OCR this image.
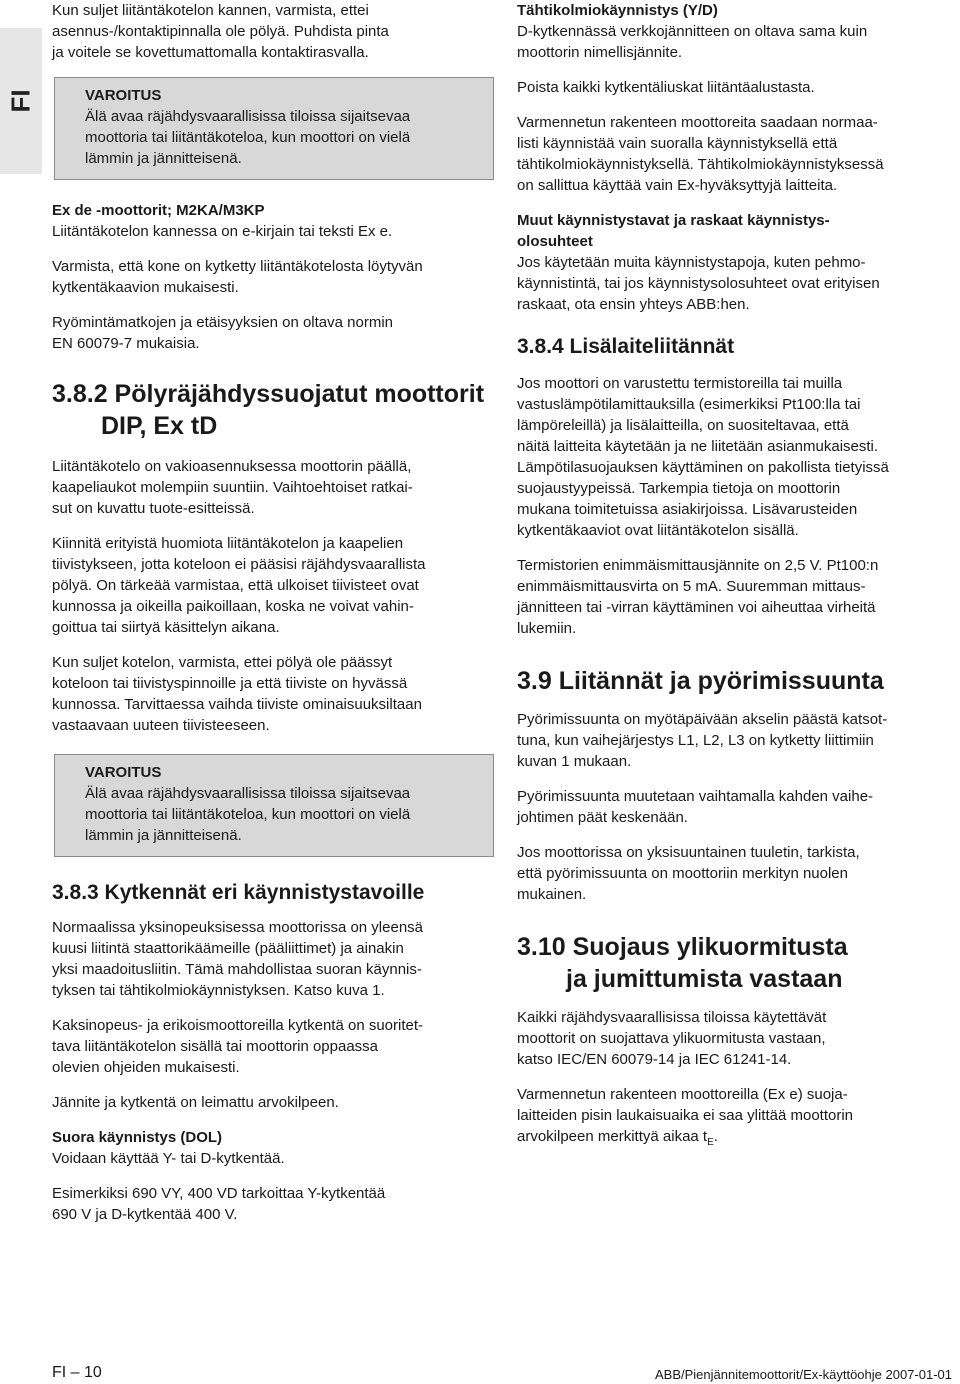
FI

Kun suljet liitäntäkotelon kannen, varmista, ettei
asennus-/kontaktipinnalla ole pölyä. Puhdista pinta
ja voitele se kovettumattomalla kontaktirasvalla.

VAROITUS
Älä avaa räjähdysvaarallisissa tiloissa sijaitsevaa
moottoria tai liitäntäkoteloa, kun moottori on vielä
lämmin ja jännitteisenä.

Ex de -moottorit; M2KA/M3KP
Liitäntäkotelon kannessa on e-kirjain tai teksti Ex e.

Varmista, että kone on kytketty liitäntäkotelosta löytyvän
kytkentäkaavion mukaisesti.

Ryömintämatkojen ja etäisyyksien on oltava normin
EN 60079-7 mukaisia.

3.8.2 Pölyräjähdyssuojatut moottorit
DIP, Ex tD

Liitäntäkotelo on vakioasennuksessa moottorin päällä,
kaapeliaukot molempiin suuntiin. Vaihtoehtoiset ratkai-
sut on kuvattu tuote-esitteissä.

Kiinnitä erityistä huomiota liitäntäkotelon ja kaapelien
tiivistykseen, jotta koteloon ei pääsisi räjähdysvaarallista
pölyä. On tärkeää varmistaa, että ulkoiset tiivisteet ovat
kunnossa ja oikeilla paikoillaan, koska ne voivat vahin-
goittua tai siirtyä käsittelyn aikana.

Kun suljet kotelon, varmista, ettei pölyä ole päässyt
koteloon tai tiivistyspinnoille ja että tiiviste on hyvässä
kunnossa. Tarvittaessa vaihda tiiviste ominaisuuksiltaan
vastaavaan uuteen tiivisteeseen.

VAROITUS
Älä avaa räjähdysvaarallisissa tiloissa sijaitsevaa
moottoria tai liitäntäkoteloa, kun moottori on vielä
lämmin ja jännitteisenä.
3.8.3 Kytkennät eri käynnistystavoille

Normaalissa yksinopeuksisessa moottorissa on yleensä
kuusi liitintä staattorikäämeille (pääliittimet) ja ainakin
yksi maadoitusliitin. Tämä mahdollistaa suoran käynnis-
tyksen tai tähtikolmiokäynnistyksen. Katso kuva 1.

Kaksinopeus- ja erikoismoottoreilla kytkentä on suoritet-
tava liitäntäkotelon sisällä tai moottorin oppaassa
olevien ohjeiden mukaisesti.

Jännite ja kytkentä on leimattu arvokilpeen.

Suora käynnistys (DOL)
Voidaan käyttää Y- tai D-kytkentää.

Esimerkiksi 690 VY, 400 VD tarkoittaa Y-kytkentää
690 V ja D-kytkentää 400 V.

Tähtikolmiokäynnistys (Y/D)
D-kytkennässä verkkojännitteen on oltava sama kuin
moottorin nimellisjännite.

Poista kaikki kytkentäliuskat liitäntäalustasta.

Varmennetun rakenteen moottoreita saadaan normaa-
listi käynnistää vain suoralla käynnistyksellä että
tähtikolmiokäynnistyksellä. Tähtikolmiokäynnistyksessä
on sallittua käyttää vain Ex-hyväksyttyjä laitteita.

Muut käynnistystavat ja raskaat käynnistys-
olosuhteet
Jos käytetään muita käynnistystapoja, kuten pehmo-
käynnistintä, tai jos käynnistysolosuhteet ovat erityisen
raskaat, ota ensin yhteys ABB:hen.

3.8.4 Lisälaiteliitännät

Jos moottori on varustettu termistoreilla tai muilla
vastuslämpötilamittauksilla (esimerkiksi Pt100:lla tai
lämpöreleillä) ja lisälaitteilla, on suositeltavaa, että
näitä laitteita käytetään ja ne liitetään asianmukaisesti.
Lämpötilasuojauksen käyttäminen on pakollista tietyissä
suojaustyypeissä. Tarkempia tietoja on moottorin
mukana toimitetuissa asiakirjoissa. Lisävarusteiden
kytkentäkaaviot ovat liitäntäkotelon sisällä.

Termistorien enimmäismittausjännite on 2,5 V. Pt100:n
enimmäismittausvirta on 5 mA. Suuremman mittaus-
jännitteen tai -virran käyttäminen voi aiheuttaa virheitä
lukemiin.

3.9 Liitännät ja pyörimissuunta

Pyörimissuunta on myötäpäivään akselin päästä katsot-
tuna, kun vaihejärjestys L1, L2, L3 on kytketty liittimiin
kuvan 1 mukaan.

Pyörimissuunta muutetaan vaihtamalla kahden vaihe-
johtimen päät keskenään.

Jos moottorissa on yksisuuntainen tuuletin, tarkista,
että pyörimissuunta on moottoriin merkityn nuolen
mukainen.

3.10 Suojaus ylikuormitusta
ja jumittumista vastaan

Kaikki räjähdysvaarallisissa tiloissa käytettävät
moottorit on suojattava ylikuormitusta vastaan,
katso IEC/EN 60079-14 ja IEC 61241-14.

Varmennetun rakenteen moottoreilla (Ex e) suoja-
laitteiden pisin laukaisuaika ei saa ylittää moottorin
arvokilpeen merkittyä aikaa $t_E$.

FI – 10	ABB/Pienjännitemoottorit/Ex-käyttöohje 2007-01-01
